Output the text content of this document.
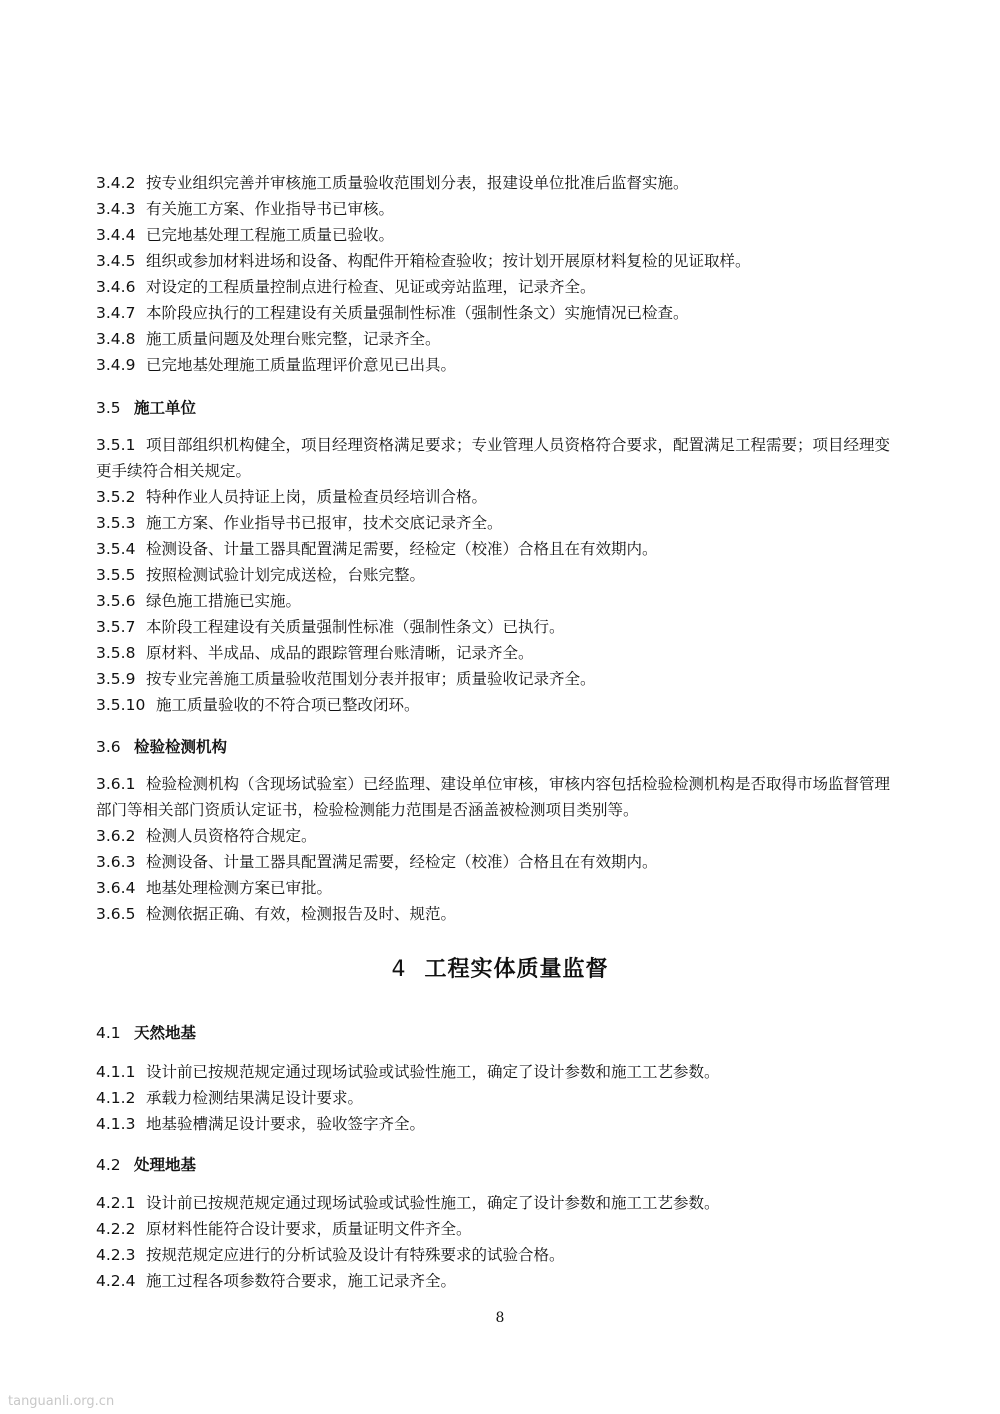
3.4.2 按专业组织完善并审核施工质量验收范围划分表，报建设单位批准后监督实施。
3.4.3 有关施工方案、作业指导书已审核。
3.4.4 已完地基处理工程施工质量已验收。
3.4.5 组织或参加材料进场和设备、构配件开箱检查验收；按计划开展原材料复检的见证取样。
3.4.6 对设定的工程质量控制点进行检查、见证或旁站监理，记录齐全。
3.4.7 本阶段应执行的工程建设有关质量强制性标准（强制性条文）实施情况已检查。
3.4.8 施工质量问题及处理台账完整，记录齐全。
3.4.9 已完地基处理施工质量监理评价意见已出具。
3.5 施工单位
3.5.1 项目部组织机构健全，项目经理资格满足要求；专业管理人员资格符合要求，配置满足工程需要；项目经理变更手续符合相关规定。
3.5.2 特种作业人员持证上岗，质量检查员经培训合格。
3.5.3 施工方案、作业指导书已报审，技术交底记录齐全。
3.5.4 检测设备、计量工器具配置满足需要，经检定（校准）合格且在有效期内。
3.5.5 按照检测试验计划完成送检，台账完整。
3.5.6 绿色施工措施已实施。
3.5.7 本阶段工程建设有关质量强制性标准（强制性条文）已执行。
3.5.8 原材料、半成品、成品的跟踪管理台账清晰，记录齐全。
3.5.9 按专业完善施工质量验收范围划分表并报审；质量验收记录齐全。
3.5.10 施工质量验收的不符合项已整改闭环。
3.6 检验检测机构
3.6.1 检验检测机构（含现场试验室）已经监理、建设单位审核，审核内容包括检验检测机构是否取得市场监督管理部门等相关部门资质认定证书，检验检测能力范围是否涵盖被检测项目类别等。
3.6.2 检测人员资格符合规定。
3.6.3 检测设备、计量工器具配置满足需要，经检定（校准）合格且在有效期内。
3.6.4 地基处理检测方案已审批。
3.6.5 检测依据正确、有效，检测报告及时、规范。
4 工程实体质量监督
4.1 天然地基
4.1.1 设计前已按规范规定通过现场试验或试验性施工，确定了设计参数和施工工艺参数。
4.1.2 承载力检测结果满足设计要求。
4.1.3 地基验槽满足设计要求，验收签字齐全。
4.2 处理地基
4.2.1 设计前已按规范规定通过现场试验或试验性施工，确定了设计参数和施工工艺参数。
4.2.2 原材料性能符合设计要求，质量证明文件齐全。
4.2.3 按规范规定应进行的分析试验及设计有特殊要求的试验合格。
4.2.4 施工过程各项参数符合要求，施工记录齐全。
8
tanguanli.org.cn
